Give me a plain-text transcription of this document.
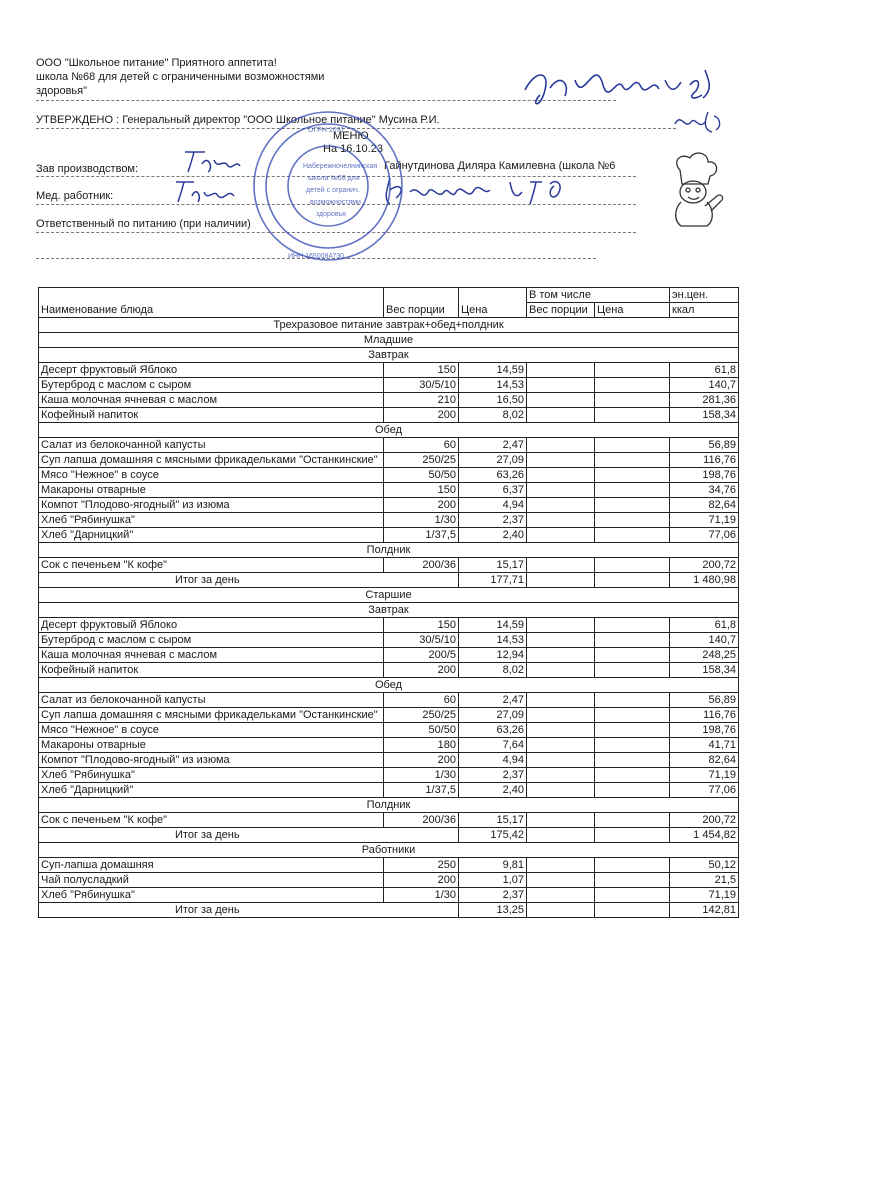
ООО "Школьное питание" Приятного аппетита!
школа №68 для детей с ограниченными возможностями
здоровья"
УТВЕРЖДЕНО : Генеральный директор "ООО Школьное питание" Мусина Р.И.
МЕНЮ
На 16.10.23
Зав производством:	Гайнутдинова Диляра Камилевна (школа №6
Мед. работник:
Ответственный по питанию (при наличии)
Набережночелнинская
школа №68 для
детей с огранич.
возможностями
здоровья
ИНН 1650084730
ОГРН 1031
Наименование блюда	Вес порции	Цена	В том числе		эн.цен.
			Вес порции	Цена	ккал
Трехразовое питание завтрак+обед+полдник					
Младшие					
Завтрак					
Десерт фруктовый Яблоко	150	14,59			61,8
Бутерброд с маслом с сыром	30/5/10	14,53			140,7
Каша молочная ячневая с маслом	210	16,50			281,36
Кофейный напиток	200	8,02			158,34
Обед					
Салат из белокочанной капусты	60	2,47			56,89
Суп лапша домашняя с мясными фрикадельками "Останкинские"	250/25	27,09			116,76
Мясо "Нежное" в соусе	50/50	63,26			198,76
Макароны отварные	150	6,37			34,76
Компот "Плодово-ягодный" из изюма	200	4,94			82,64
Хлеб "Рябинушка"	1/30	2,37			71,19
Хлеб "Дарницкий"	1/37,5	2,40			77,06
Полдник					
Сок с печеньем "К кофе"	200/36	15,17			200,72
Итог за день		177,71			1 480,98
Старшие					
Завтрак					
Десерт фруктовый Яблоко	150	14,59			61,8
Бутерброд с маслом с сыром	30/5/10	14,53			140,7
Каша молочная ячневая с маслом	200/5	12,94			248,25
Кофейный напиток	200	8,02			158,34
Обед					
Салат из белокочанной капусты	60	2,47			56,89
Суп лапша домашняя с мясными фрикадельками "Останкинские"	250/25	27,09			116,76
Мясо "Нежное" в соусе	50/50	63,26			198,76
Макароны отварные	180	7,64			41,71
Компот "Плодово-ягодный" из изюма	200	4,94			82,64
Хлеб "Рябинушка"	1/30	2,37			71,19
Хлеб "Дарницкий"	1/37,5	2,40			77,06
Полдник					
Сок с печеньем "К кофе"	200/36	15,17			200,72
Итог за день		175,42			1 454,82
Работники					
Суп-лапша домашняя	250	9,81			50,12
Чай полусладкий	200	1,07			21,5
Хлеб "Рябинушка"	1/30	2,37			71,19
Итог за день		13,25			142,81
